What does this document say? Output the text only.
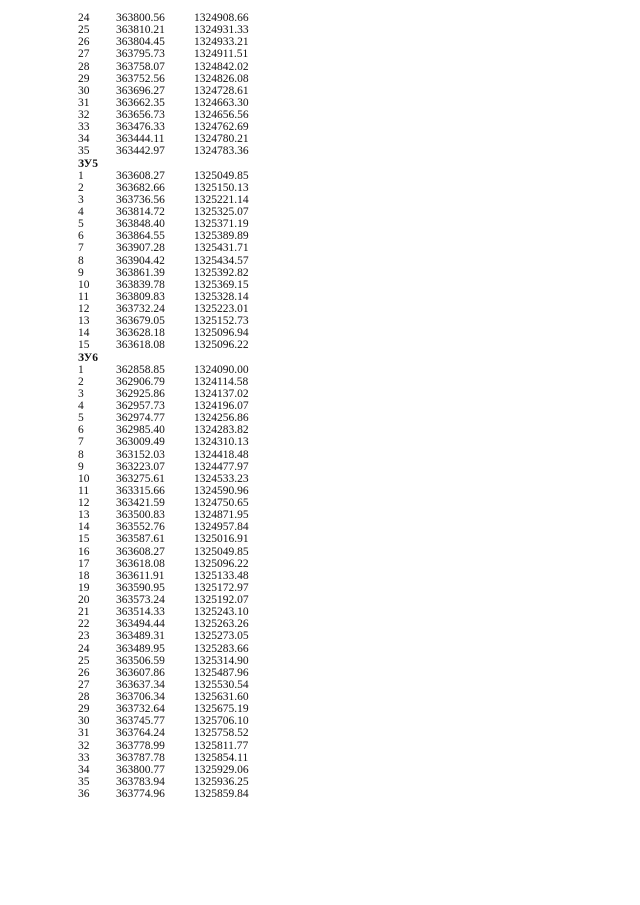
24 363800.56	1324908.66
25 363810.21	1324931.33
26 363804.45	1324933.21
27 363795.73	1324911.51
28 363758.07	1324842.02
29 363752.56	1324826.08
30 363696.27	1324728.61
31 363662.35	1324663.30
32 363656.73	1324656.56
33 363476.33	1324762.69
34 363444.11	1324780.21
35 363442.97	1324783.36
ЗУ5
1	363608.27	1325049.85
2	363682.66	1325150.13
3	363736.56	1325221.14
4	363814.72	1325325.07
5	363848.40	1325371.19
6	363864.55	1325389.89
7	363907.28	1325431.71
8	363904.42	1325434.57
9	363861.39	1325392.82
10 363839.78	1325369.15
11 363809.83	1325328.14
12 363732.24	1325223.01
13 363679.05	1325152.73
14 363628.18	1325096.94
15 363618.08	1325096.22
ЗУ6
1	362858.85	1324090.00
2	362906.79	1324114.58
3	362925.86	1324137.02
4	362957.73	1324196.07
5	362974.77	1324256.86
6	362985.40	1324283.82
7	363009.49	1324310.13
8	363152.03	1324418.48
9	363223.07	1324477.97
10 363275.61	1324533.23
11 363315.66	1324590.96
12 363421.59	1324750.65
13 363500.83	1324871.95
14 363552.76	1324957.84
15 363587.61	1325016.91
16 363608.27	1325049.85
17 363618.08	1325096.22
18 363611.91	1325133.48
19 363590.95	1325172.97
20 363573.24	1325192.07
21 363514.33	1325243.10
22 363494.44	1325263.26
23 363489.31	1325273.05
24 363489.95	1325283.66
25 363506.59	1325314.90
26 363607.86	1325487.96
27 363637.34	1325530.54
28 363706.34	1325631.60
29 363732.64	1325675.19
30 363745.77	1325706.10
31 363764.24	1325758.52
32 363778.99	1325811.77
33 363787.78	1325854.11
34 363800.77	1325929.06
35 363783.94	1325936.25
36 363774.96	1325859.84
